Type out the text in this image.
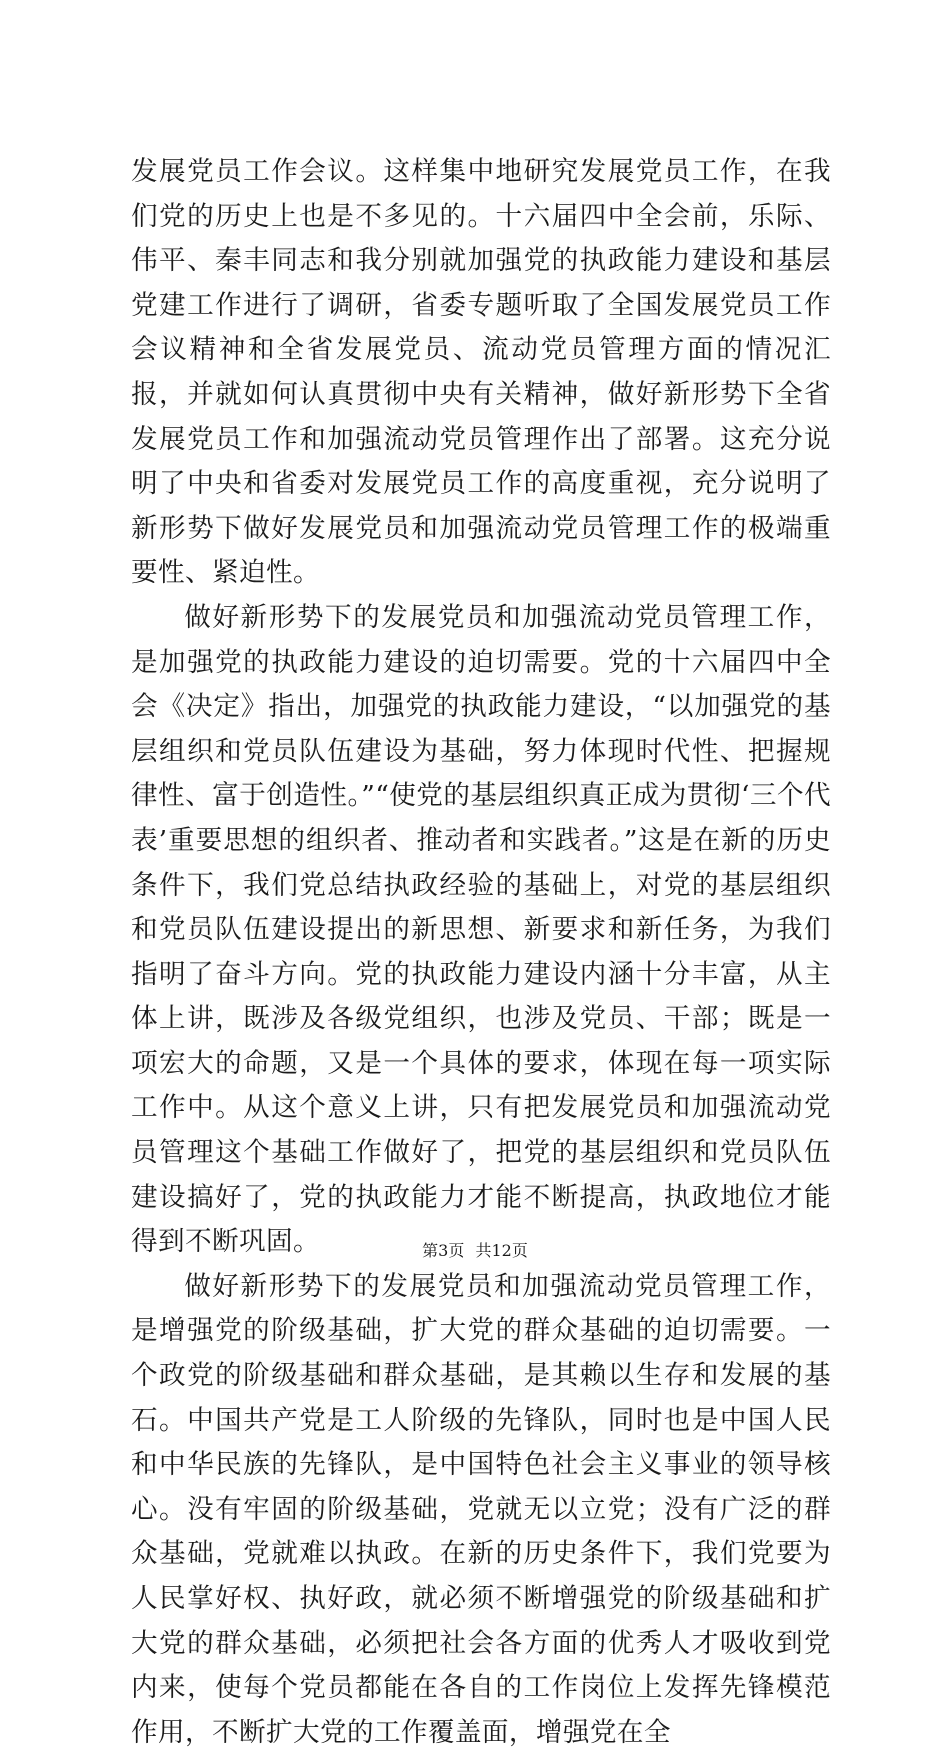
发展党员工作会议。这样集中地研究发展党员工作，在我们党的历史上也是不多见的。十六届四中全会前，乐际、伟平、秦丰同志和我分别就加强党的执政能力建设和基层党建工作进行了调研，省委专题听取了全国发展党员工作会议精神和全省发展党员、流动党员管理方面的情况汇报，并就如何认真贯彻中央有关精神，做好新形势下全省发展党员工作和加强流动党员管理作出了部署。这充分说明了中央和省委对发展党员工作的高度重视，充分说明了新形势下做好发展党员和加强流动党员管理工作的极端重要性、紧迫性。

做好新形势下的发展党员和加强流动党员管理工作，是加强党的执政能力建设的迫切需要。党的十六届四中全会《决定》指出，加强党的执政能力建设，“以加强党的基层组织和党员队伍建设为基础，努力体现时代性、把握规律性、富于创造性。”“使党的基层组织真正成为贯彻‘三个代表’重要思想的组织者、推动者和实践者。”这是在新的历史条件下，我们党总结执政经验的基础上，对党的基层组织和党员队伍建设提出的新思想、新要求和新任务，为我们指明了奋斗方向。党的执政能力建设内涵十分丰富，从主体上讲，既涉及各级党组织，也涉及党员、干部；既是一项宏大的命题，又是一个具体的要求，体现在每一项实际工作中。从这个意义上讲，只有把发展党员和加强流动党员管理这个基础工作做好了，把党的基层组织和党员队伍建设搞好了，党的执政能力才能不断提高，执政地位才能得到不断巩固。

做好新形势下的发展党员和加强流动党员管理工作，是增强党的阶级基础，扩大党的群众基础的迫切需要。一个政党的阶级基础和群众基础，是其赖以生存和发展的基石。中国共产党是工人阶级的先锋队，同时也是中国人民和中华民族的先锋队，是中国特色社会主义事业的领导核心。没有牢固的阶级基础，党就无以立党；没有广泛的群众基础，党就难以执政。在新的历史条件下，我们党要为人民掌好权、执好政，就必须不断增强党的阶级基础和扩大党的群众基础，必须把社会各方面的优秀人才吸收到党内来，使每个党员都能在各自的工作岗位上发挥先锋模范作用，不断扩大党的工作覆盖面，增强党在全

第3页 共12页
